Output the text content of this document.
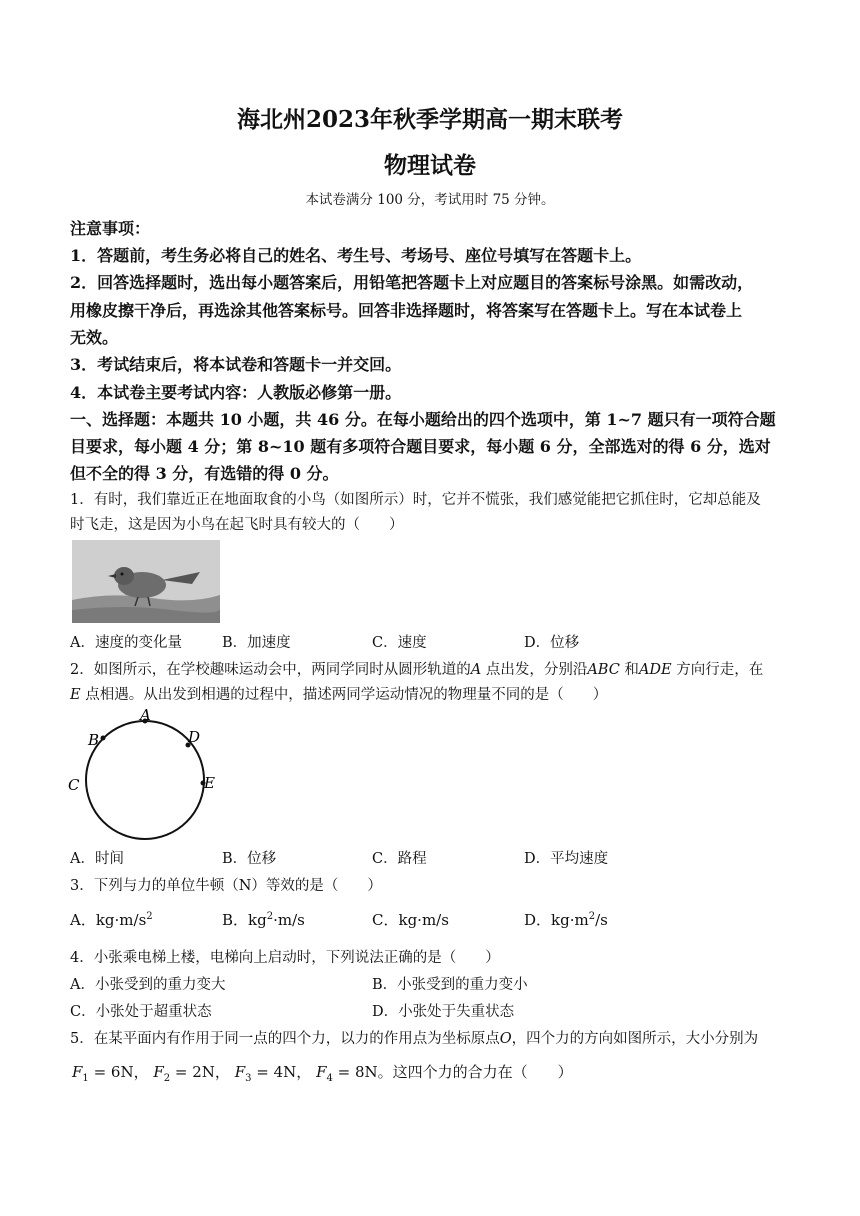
海北州2023年秋季学期高一期末联考
物理试卷
本试卷满分 100 分，考试用时 75 分钟。
注意事项：
1．答题前，考生务必将自己的姓名、考生号、考场号、座位号填写在答题卡上。
2．回答选择题时，选出每小题答案后，用铅笔把答题卡上对应题目的答案标号涂黑。如需改动，
用橡皮擦干净后，再选涂其他答案标号。回答非选择题时，将答案写在答题卡上。写在本试卷上
无效。
3．考试结束后，将本试卷和答题卡一并交回。
4．本试卷主要考试内容：人教版必修第一册。
一、选择题：本题共 10 小题，共 46 分。在每小题给出的四个选项中，第 1~7 题只有一项符合题
目要求，每小题 4 分；第 8~10 题有多项符合题目要求，每小题 6 分，全部选对的得 6 分，选对
但不全的得 3 分，有选错的得 0 分。
1．有时，我们靠近正在地面取食的小鸟（如图所示）时，它并不慌张，我们感觉能把它抓住时，它却总能及
时飞走，这是因为小鸟在起飞时具有较大的（　　）
A．速度的变化量	B．加速度	C．速度	D．位移
2．如图所示，在学校趣味运动会中，两同学同时从圆形轨道的A 点出发，分别沿ABC 和ADE 方向行走，在
E 点相遇。从出发到相遇的过程中，描述两同学运动情况的物理量不同的是（　　）
A
B
C
D
E
A．时间	B．位移	C．路程	D．平均速度
3．下列与力的单位牛顿（N）等效的是（　　）
A．$kg\cdot m/s^2$	B．$kg^2\cdot m/s$	C．kg·m/s	D．$kg\cdot m^2/s$
4．小张乘电梯上楼，电梯向上启动时，下列说法正确的是（　　）
A．小张受到的重力变大	B．小张受到的重力变小
C．小张处于超重状态	D．小张处于失重状态
5．在某平面内有作用于同一点的四个力，以力的作用点为坐标原点O，四个力的方向如图所示，大小分别为
$F_1 = 6N$， $F_2 = 2N$， $F_3 = 4N$， $F_4 = 8N$。这四个力的合力在（　　）
